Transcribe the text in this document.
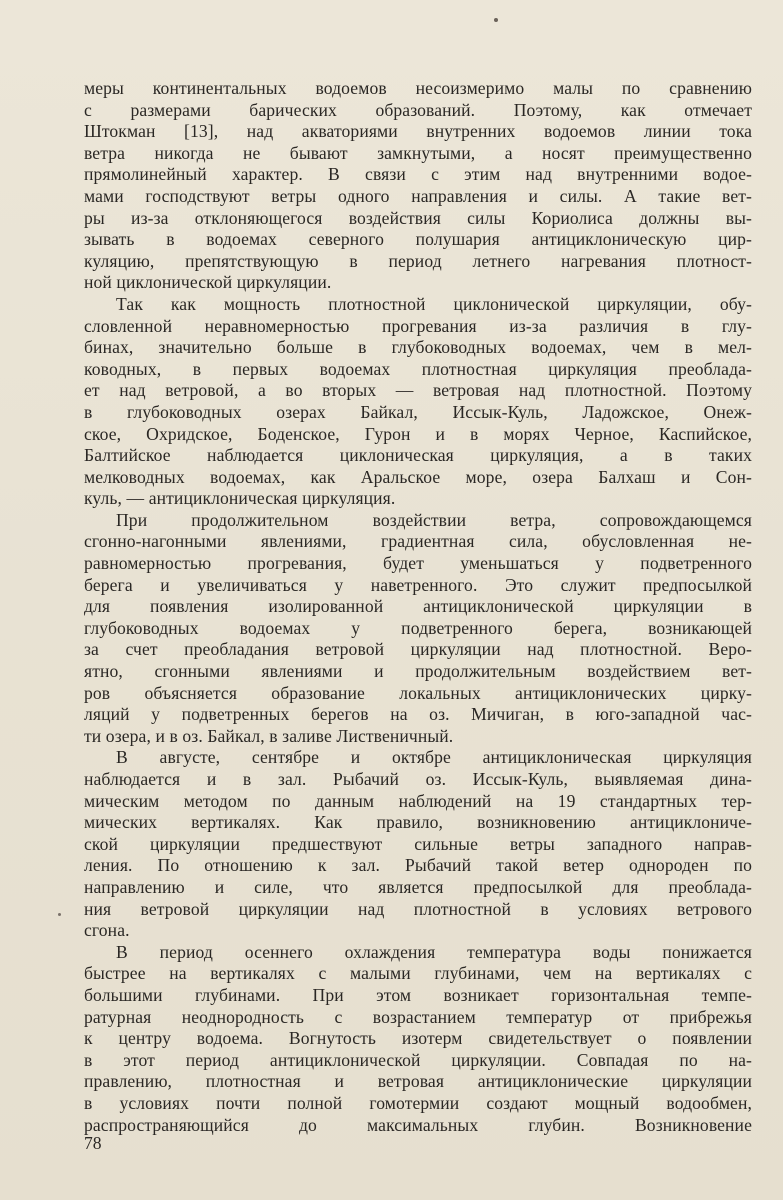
меры континентальных водоемов несоизмеримо малы по сравнению
с размерами барических образований. Поэтому, как отмечает
Штокман [13], над акваториями внутренних водоемов линии тока
ветра никогда не бывают замкнутыми, а носят преимущественно
прямолинейный характер. В связи с этим над внутренними водое-
мами господствуют ветры одного направления и силы. А такие вет-
ры из-за отклоняющегося воздействия силы Кориолиса должны вы-
зывать в водоемах северного полушария антициклоническую цир-
куляцию, препятствующую в период летнего нагревания плотност-
ной циклонической циркуляции.
Так как мощность плотностной циклонической циркуляции, обу-
словленной неравномерностью прогревания из-за различия в глу-
бинах, значительно больше в глубоководных водоемах, чем в мел-
ководных, в первых водоемах плотностная циркуляция преоблада-
ет над ветровой, а во вторых — ветровая над плотностной. Поэтому
в глубоководных озерах Байкал, Иссык-Куль, Ладожское, Онеж-
ское, Охридское, Боденское, Гурон и в морях Черное, Каспийское,
Балтийское наблюдается циклоническая циркуляция, а в таких
мелководных водоемах, как Аральское море, озера Балхаш и Сон-
куль, — антициклоническая циркуляция.
При продолжительном воздействии ветра, сопровождающемся
сгонно-нагонными явлениями, градиентная сила, обусловленная не-
равномерностью прогревания, будет уменьшаться у подветренного
берега и увеличиваться у наветренного. Это служит предпосылкой
для появления изолированной антициклонической циркуляции в
глубоководных водоемах у подветренного берега, возникающей
за счет преобладания ветровой циркуляции над плотностной. Веро-
ятно, сгонными явлениями и продолжительным воздействием вет-
ров объясняется образование локальных антициклонических цирку-
ляций у подветренных берегов на оз. Мичиган, в юго-западной час-
ти озера, и в оз. Байкал, в заливе Лиственичный.
В августе, сентябре и октябре антициклоническая циркуляция
наблюдается и в зал. Рыбачий оз. Иссык-Куль, выявляемая дина-
мическим методом по данным наблюдений на 19 стандартных тер-
мических вертикалях. Как правило, возникновению антициклониче-
ской циркуляции предшествуют сильные ветры западного направ-
ления. По отношению к зал. Рыбачий такой ветер однороден по
направлению и силе, что является предпосылкой для преоблада-
ния ветровой циркуляции над плотностной в условиях ветрового
сгона.
В период осеннего охлаждения температура воды понижается
быстрее на вертикалях с малыми глубинами, чем на вертикалях с
большими глубинами. При этом возникает горизонтальная темпе-
ратурная неоднородность с возрастанием температур от прибрежья
к центру водоема. Вогнутость изотерм свидетельствует о появлении
в этот период антициклонической циркуляции. Совпадая по на-
правлению, плотностная и ветровая антициклонические циркуляции
в условиях почти полной гомотермии создают мощный водообмен,
распространяющийся до максимальных глубин. Возникновение
78
